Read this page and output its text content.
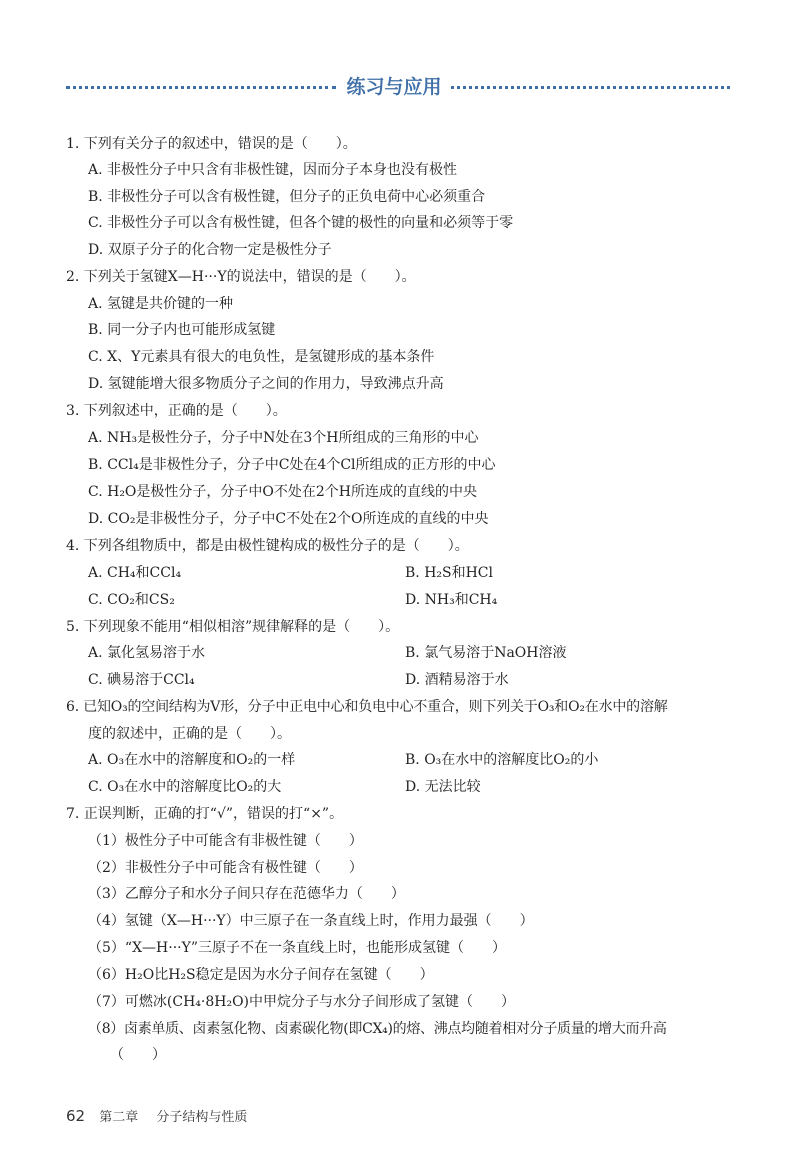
练习与应用
1. 下列有关分子的叙述中，错误的是（　　）。
A. 非极性分子中只含有非极性键，因而分子本身也没有极性
B. 非极性分子可以含有极性键，但分子的正负电荷中心必须重合
C. 非极性分子可以含有极性键，但各个键的极性的向量和必须等于零
D. 双原子分子的化合物一定是极性分子
2. 下列关于氢键X—H···Y的说法中，错误的是（　　）。
A. 氢键是共价键的一种
B. 同一分子内也可能形成氢键
C. X、Y元素具有很大的电负性，是氢键形成的基本条件
D. 氢键能增大很多物质分子之间的作用力，导致沸点升高
3. 下列叙述中，正确的是（　　）。
A. NH₃是极性分子，分子中N处在3个H所组成的三角形的中心
B. CCl₄是非极性分子，分子中C处在4个Cl所组成的正方形的中心
C. H₂O是极性分子，分子中O不处在2个H所连成的直线的中央
D. CO₂是非极性分子，分子中C不处在2个O所连成的直线的中央
4. 下列各组物质中，都是由极性键构成的极性分子的是（　　）。
A. CH₄和CCl₄	B. H₂S和HCl
C. CO₂和CS₂	D. NH₃和CH₄
5. 下列现象不能用“相似相溶”规律解释的是（　　）。
A. 氯化氢易溶于水	B. 氯气易溶于NaOH溶液
C. 碘易溶于CCl₄	D. 酒精易溶于水
6. 已知O₃的空间结构为V形，分子中正电中心和负电中心不重合，则下列关于O₃和O₂在水中的溶解
度的叙述中，正确的是（　　）。
A. O₃在水中的溶解度和O₂的一样	B. O₃在水中的溶解度比O₂的小
C. O₃在水中的溶解度比O₂的大	D. 无法比较
7. 正误判断，正确的打“√”，错误的打“×”。
（1）极性分子中可能含有非极性键（　　）
（2）非极性分子中可能含有极性键（　　）
（3）乙醇分子和水分子间只存在范德华力（　　）
（4）氢键（X—H···Y）中三原子在一条直线上时，作用力最强（　　）
（5）“X—H···Y”三原子不在一条直线上时，也能形成氢键（　　）
（6）H₂O比H₂S稳定是因为水分子间存在氢键（　　）
（7）可燃冰(CH₄·8H₂O)中甲烷分子与水分子间形成了氢键（　　）
（8）卤素单质、卤素氢化物、卤素碳化物(即CX₄)的熔、沸点均随着相对分子质量的增大而升高
（　　）
62 第二章 分子结构与性质
